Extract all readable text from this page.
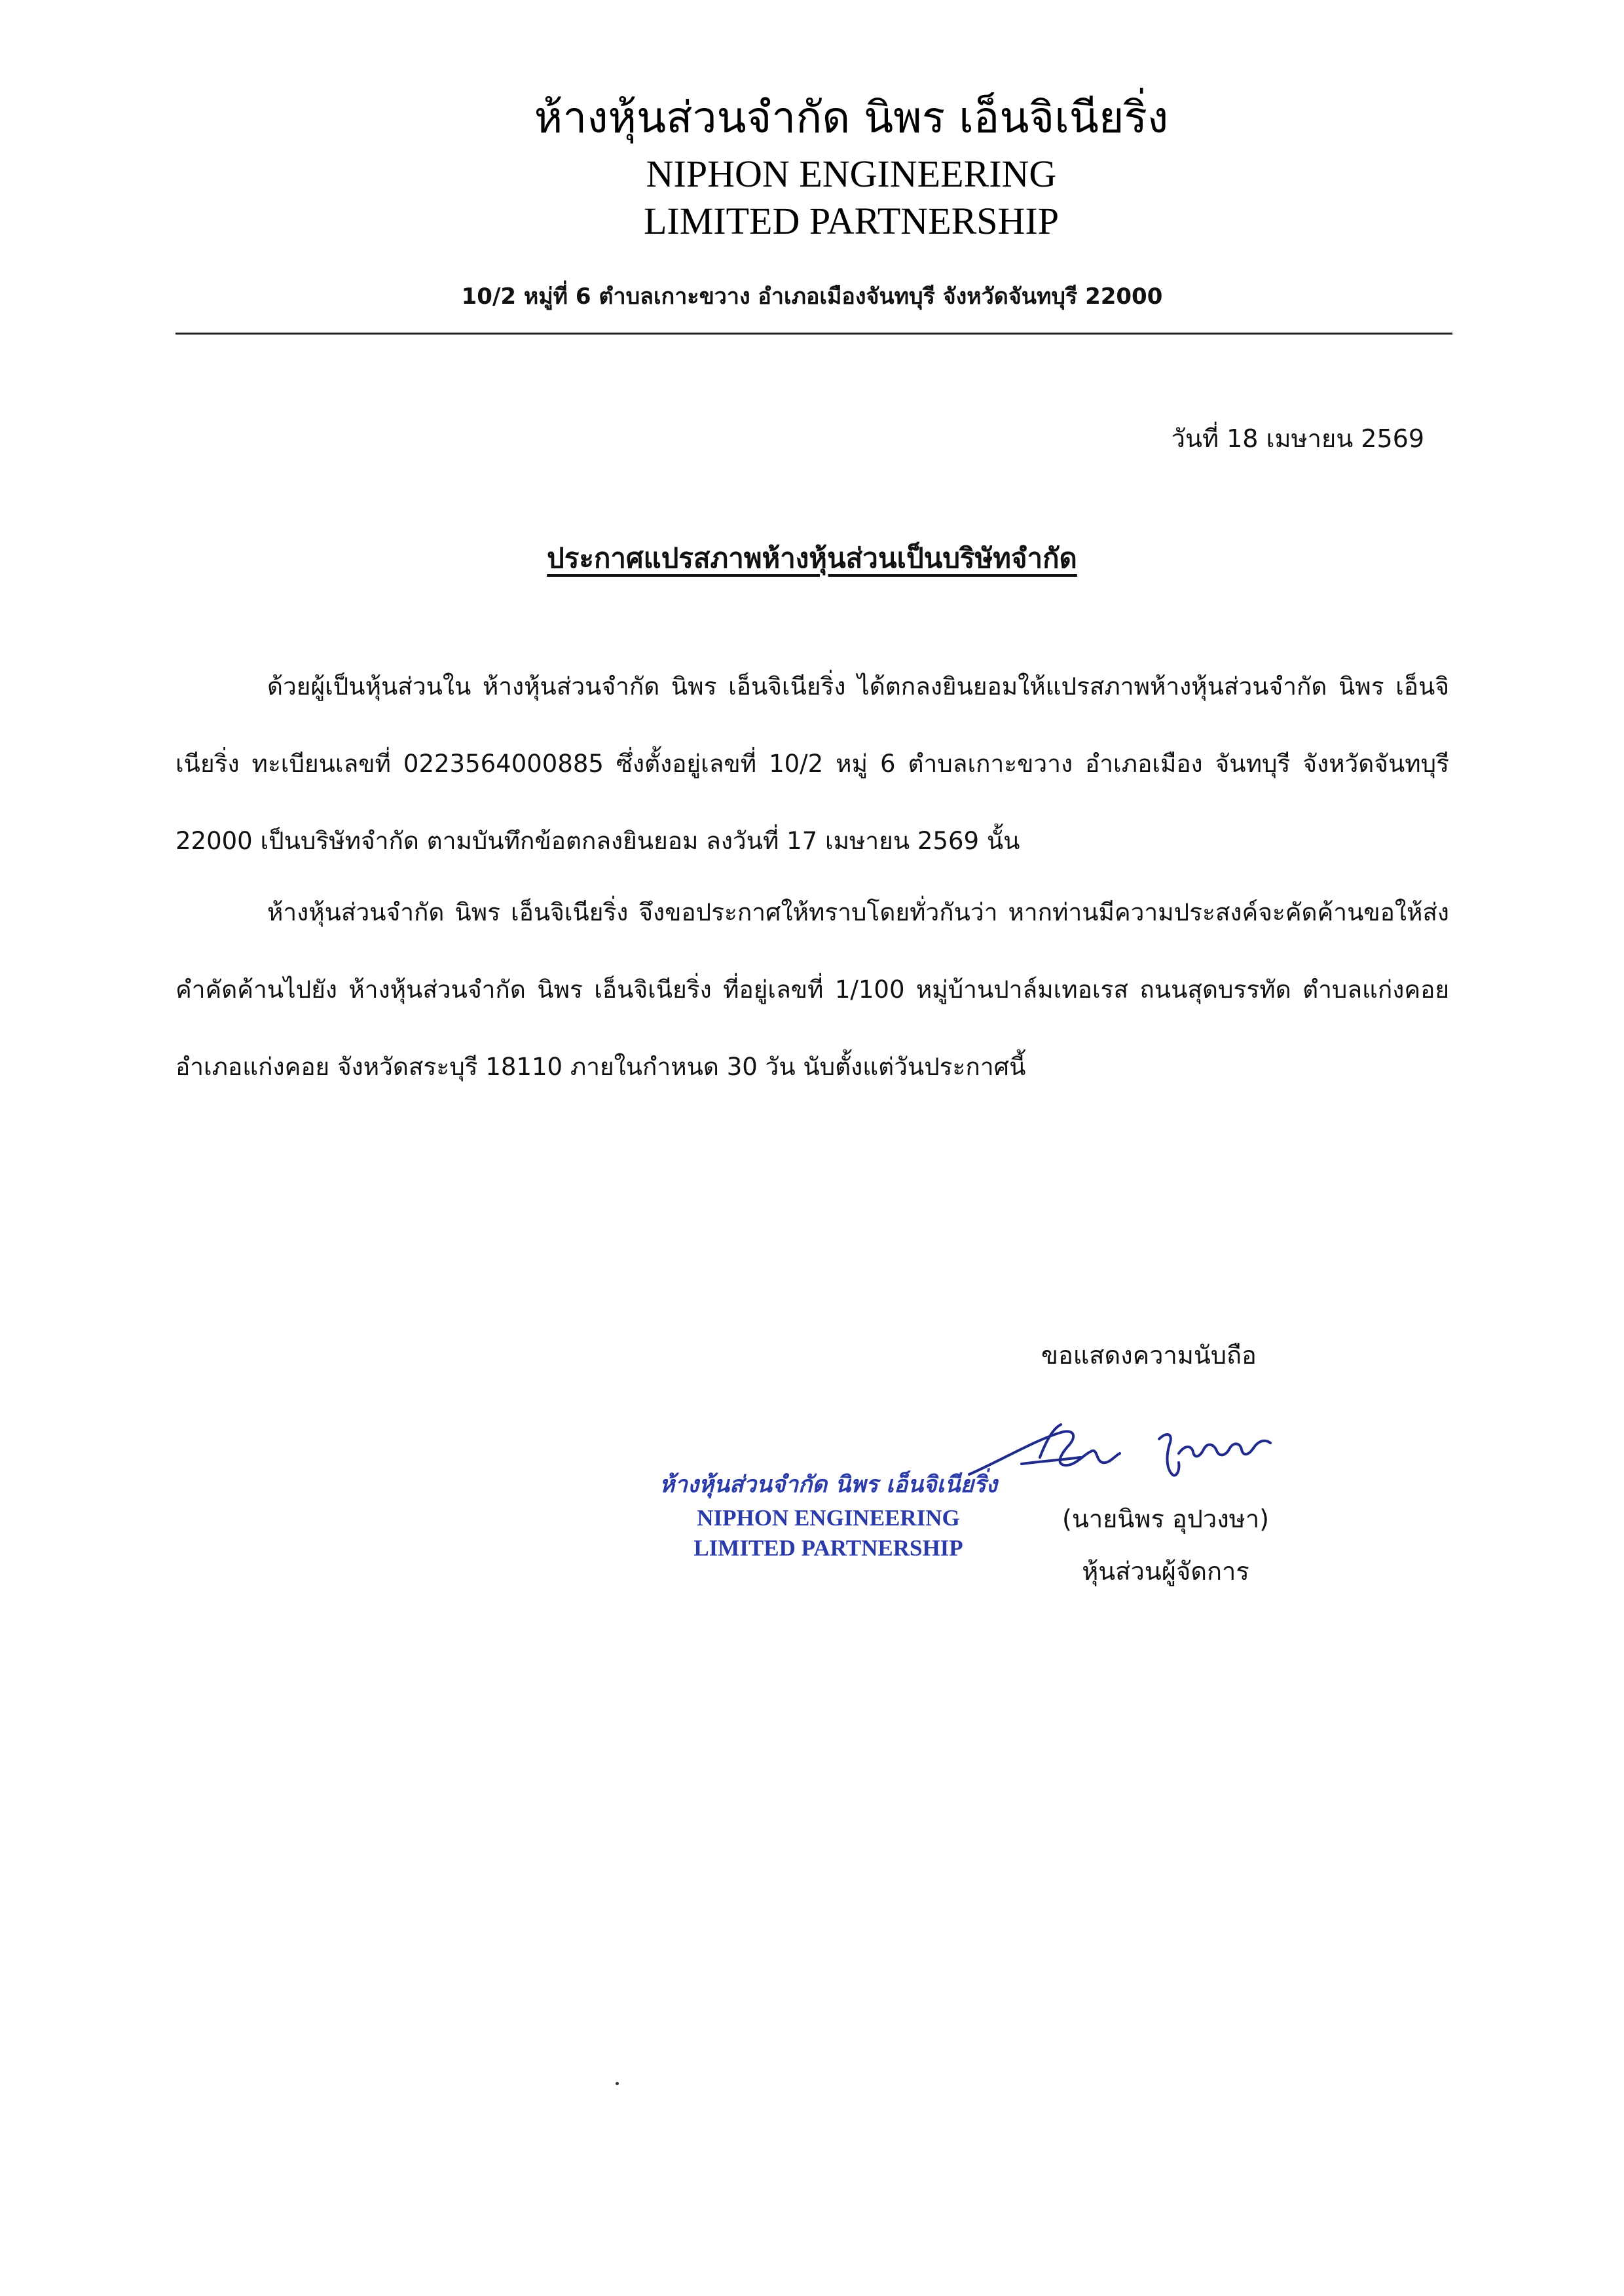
ห้างหุ้นส่วนจำกัด นิพร เอ็นจิเนียริ่ง
NIPHON ENGINEERING
LIMITED PARTNERSHIP
10/2 หมู่ที่ 6 ตำบลเกาะขวาง อำเภอเมืองจันทบุรี จังหวัดจันทบุรี 22000
วันที่ 18 เมษายน 2569
ประกาศแปรสภาพห้างหุ้นส่วนเป็นบริษัทจำกัด

ด้วยผู้เป็นหุ้นส่วนใน ห้างหุ้นส่วนจำกัด นิพร เอ็นจิเนียริ่ง ได้ตกลงยินยอมให้แปรสภาพห้างหุ้นส่วนจำกัด นิพร เอ็นจิเนียริ่ง ทะเบียนเลขที่ 0223564000885 ซึ่งตั้งอยู่เลขที่ 10/2 หมู่ 6 ตำบลเกาะขวาง อำเภอเมือง จันทบุรี จังหวัดจันทบุรี 22000 เป็นบริษัทจำกัด ตามบันทึกข้อตกลงยินยอม ลงวันที่ 17 เมษายน 2569 นั้น

ห้างหุ้นส่วนจำกัด นิพร เอ็นจิเนียริ่ง จึงขอประกาศให้ทราบโดยทั่วกันว่า หากท่านมีความประสงค์จะคัดค้านขอให้ส่งคำคัดค้านไปยัง ห้างหุ้นส่วนจำกัด นิพร เอ็นจิเนียริ่ง ที่อยู่เลขที่ 1/100 หมู่บ้านปาล์มเทอเรส ถนนสุดบรรทัด ตำบลแก่งคอย อำเภอแก่งคอย จังหวัดสระบุรี 18110 ภายในกำหนด 30 วัน นับตั้งแต่วันประกาศนี้

ขอแสดงความนับถือ
ห้างหุ้นส่วนจำกัด นิพร เอ็นจิเนียริ่ง
NIPHON ENGINEERING
LIMITED PARTNERSHIP
(นายนิพร อุปวงษา)
หุ้นส่วนผู้จัดการ
